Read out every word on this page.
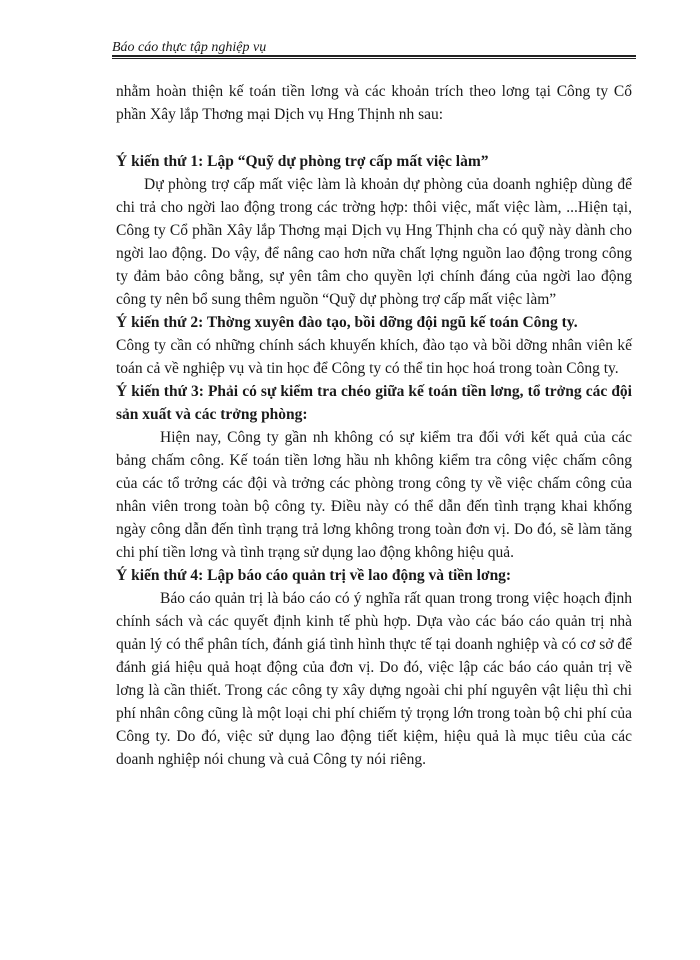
Báo cáo thực tập nghiệp vụ

nhằm hoàn thiện kế toán tiền lơng và các khoản trích theo lơng tại Công ty Cổ phần Xây lắp Thơng mại Dịch vụ Hng Thịnh nh sau:

Ý kiến thứ 1: Lập “Quỹ dự phòng trợ cấp mất việc làm”

Dự phòng trợ cấp mất việc làm là khoản dự phòng của doanh nghiệp dùng để chi trả cho ngời lao động trong các trờng hợp: thôi việc, mất việc làm, ...Hiện tại, Công ty Cổ phần Xây lắp Thơng mại Dịch vụ Hng Thịnh cha có quỹ này dành cho ngời lao động. Do vậy, để nâng cao hơn nữa chất lợng nguồn lao động trong công ty đảm bảo công bằng, sự yên tâm cho quyền lợi chính đáng của ngời lao động công ty nên bổ sung thêm nguồn “Quỹ dự phòng trợ cấp mất việc làm”

Ý kiến thứ 2: Thờng xuyên đào tạo, bồi dỡng đội ngũ kế toán Công ty.

Công ty cần có những chính sách khuyến khích, đào tạo và bồi dỡng nhân viên kế toán cả về nghiệp vụ và tin học để Công ty có thể tin học hoá trong toàn Công ty.

Ý kiến thứ 3: Phải có sự kiểm tra chéo giữa kế toán tiền lơng, tổ trởng các đội sản xuất và các trởng phòng:

Hiện nay, Công ty gần nh không có sự kiểm tra đối với kết quả của các bảng chấm công. Kế toán tiền lơng hầu nh không kiểm tra công việc chấm công của các tổ trởng các đội và trởng các phòng trong công ty về việc chấm công của nhân viên trong toàn bộ công ty. Điều này có thể dẫn đến tình trạng khai khống ngày công dẫn đến tình trạng trả lơng không trong toàn đơn vị. Do đó, sẽ làm tăng chi phí tiền lơng và tình trạng sử dụng lao động không hiệu quả.

Ý kiến thứ 4: Lập báo cáo quản trị về lao động và tiền lơng:

Báo cáo quản trị là báo cáo có ý nghĩa rất quan trong trong việc hoạch định chính sách và các quyết định kinh tế phù hợp. Dựa vào các báo cáo quản trị nhà quản lý có thể phân tích, đánh giá tình hình thực tế tại doanh nghiệp và có cơ sở để đánh giá hiệu quả hoạt động của đơn vị. Do đó, việc lập các báo cáo quản trị về lơng là cần thiết. Trong các công ty xây dựng ngoài chi phí nguyên vật liệu thì chi phí nhân công cũng là một loại chi phí chiếm tỷ trọng lớn trong toàn bộ chi phí của Công ty. Do đó, việc sử dụng lao động tiết kiệm, hiệu quả là mục tiêu của các doanh nghiệp nói chung và cuả Công ty nói riêng.
